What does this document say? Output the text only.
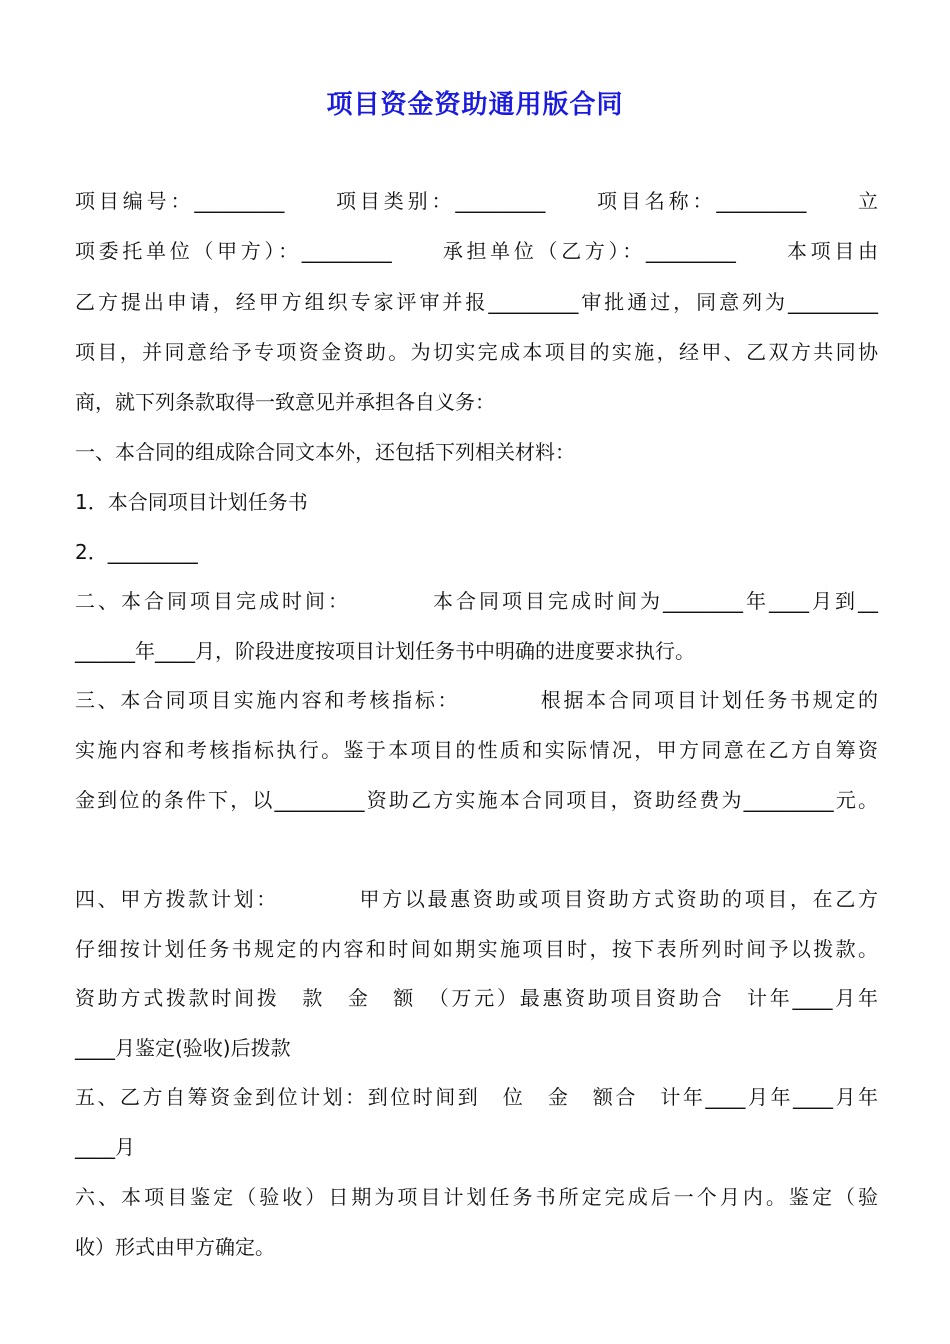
项目资金资助通用版合同
项目编号：_________　　项目类别：_________　　项目名称：_________　　立
项委托单位（甲方）：_________　　承担单位（乙方）：_________　　本项目由
乙方提出申请，经甲方组织专家评审并报_________审批通过，同意列为_________
项目，并同意给予专项资金资助。为切实完成本项目的实施，经甲、乙双方共同协
商，就下列条款取得一致意见并承担各自义务：
一、本合同的组成除合同文本外，还包括下列相关材料：
1．本合同项目计划任务书
2．_________
二、本合同项目完成时间：　　　　本合同项目完成时间为________年____月到__
______年____月，阶段进度按项目计划任务书中明确的进度要求执行。
三、本合同项目实施内容和考核指标：　　　　根据本合同项目计划任务书规定的
实施内容和考核指标执行。鉴于本项目的性质和实际情况，甲方同意在乙方自筹资
金到位的条件下，以_________资助乙方实施本合同项目，资助经费为_________元。
四、甲方拨款计划：　　　　甲方以最惠资助或项目资助方式资助的项目，在乙方
仔细按计划任务书规定的内容和时间如期实施项目时，按下表所列时间予以拨款。
资助方式拨款时间拨　款　金　额　（万元）最惠资助项目资助合　计年____月年
____月鉴定(验收)后拨款
五、乙方自筹资金到位计划：到位时间到　位　金　额合　计年____月年____月年
____月
六、本项目鉴定（验收）日期为项目计划任务书所定完成后一个月内。鉴定（验
收）形式由甲方确定。
